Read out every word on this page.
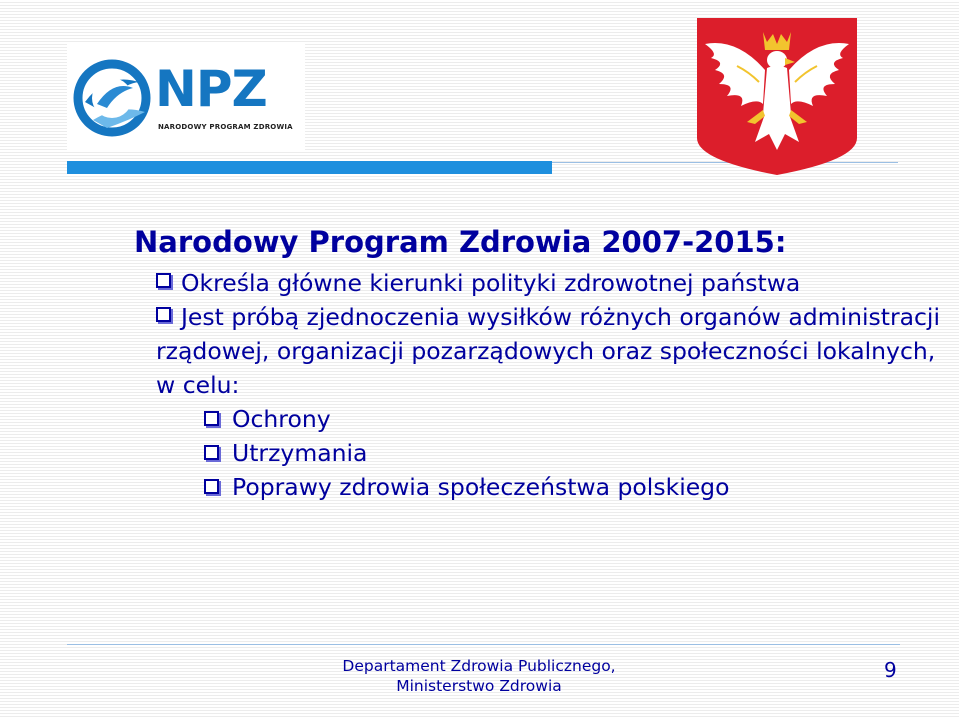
NPZ
NARODOWY PROGRAM ZDROWIA
Narodowy Program Zdrowia 2007-2015:
Określa główne kierunki polityki zdrowotnej państwa
Jest próbą zjednoczenia wysiłków różnych organów administracji rządowej, organizacji pozarządowych oraz społeczności lokalnych, w celu:
Ochrony
Utrzymania
Poprawy zdrowia społeczeństwa polskiego
Departament Zdrowia Publicznego,
Ministerstwo Zdrowia
9
